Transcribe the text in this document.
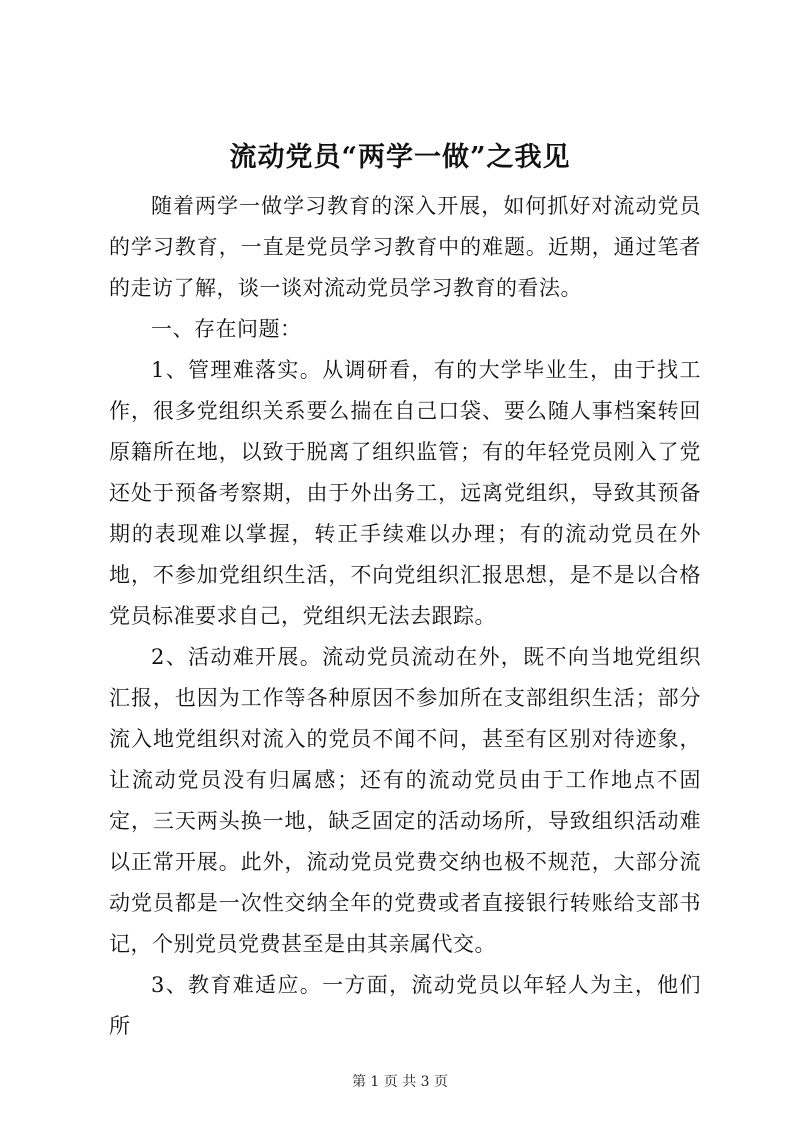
流动党员“两学一做”之我见

随着两学一做学习教育的深入开展，如何抓好对流动党员的学习教育，一直是党员学习教育中的难题。近期，通过笔者的走访了解，谈一谈对流动党员学习教育的看法。

一、存在问题：

1、管理难落实。从调研看，有的大学毕业生，由于找工作，很多党组织关系要么揣在自己口袋、要么随人事档案转回原籍所在地，以致于脱离了组织监管；有的年轻党员刚入了党还处于预备考察期，由于外出务工，远离党组织，导致其预备期的表现难以掌握，转正手续难以办理；有的流动党员在外地，不参加党组织生活，不向党组织汇报思想，是不是以合格党员标准要求自己，党组织无法去跟踪。

2、活动难开展。流动党员流动在外，既不向当地党组织汇报，也因为工作等各种原因不参加所在支部组织生活；部分流入地党组织对流入的党员不闻不问，甚至有区别对待迹象，让流动党员没有归属感；还有的流动党员由于工作地点不固定，三天两头换一地，缺乏固定的活动场所，导致组织活动难以正常开展。此外，流动党员党费交纳也极不规范，大部分流动党员都是一次性交纳全年的党费或者直接银行转账给支部书记，个别党员党费甚至是由其亲属代交。

3、教育难适应。一方面，流动党员以年轻人为主，他们所

第 1 页 共 3 页
